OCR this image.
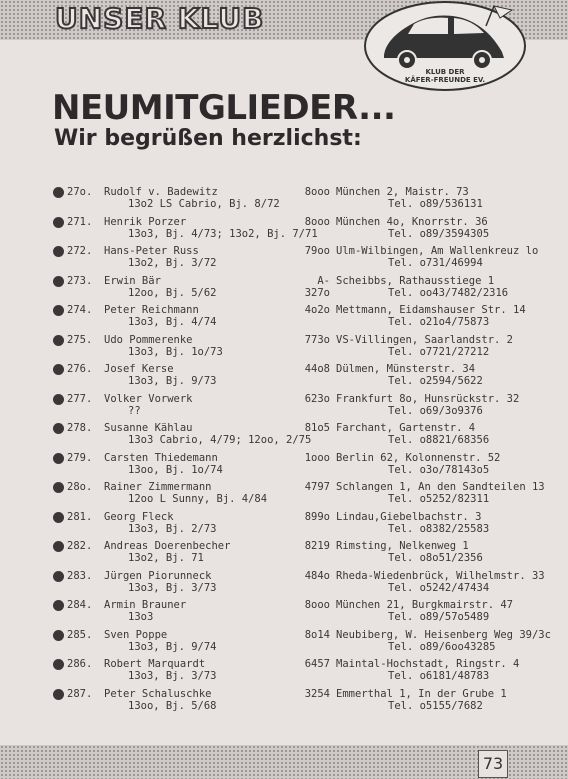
UNSER KLUB
KLUB DER
KÄFER-FREUNDE EV.
NEUMITGLIEDER...
Wir begrüßen herzlichst:
27o. Rudolf v. Badewitz
13o2 LS Cabrio, Bj. 8/72
8ooo München 2, Maistr. 73
Tel. o89/536131
271. Henrik Porzer
13o3, Bj. 4/73; 13o2, Bj. 7/71
8ooo München 4o, Knorrstr. 36
Tel. o89/3594305
272. Hans-Peter Russ
13o2, Bj. 3/72
79oo Ulm-Wilbingen, Am Wallenkreuz lo
Tel. o731/46994
273. Erwin Bär
12oo, Bj. 5/62
A-327o
Scheibbs, Rathausstiege 1
Tel. oo43/7482/2316
274. Peter Reichmann
13o3, Bj. 4/74
4o2o Mettmann, Eidamshauser Str. 14
Tel. o21o4/75873
275. Udo Pommerenke
13o3, Bj. 1o/73
773o VS-Villingen, Saarlandstr. 2
Tel. o7721/27212
276. Josef Kerse
13o3, Bj. 9/73
44o8 Dülmen, Münsterstr. 34
Tel. o2594/5622
277. Volker Vorwerk
??
623o Frankfurt 8o, Hunsrückstr. 32
Tel. o69/3o9376
278. Susanne Kählau
13o3 Cabrio, 4/79; 12oo, 2/75
81o5 Farchant, Gartenstr. 4
Tel. o8821/68356
279. Carsten Thiedemann
13oo, Bj. 1o/74
1ooo Berlin 62, Kolonnenstr. 52
Tel. o3o/78143o5
28o. Rainer Zimmermann
12oo L Sunny, Bj. 4/84
4797 Schlangen 1, An den Sandteilen 13
Tel. o5252/82311
281. Georg Fleck
13o3, Bj. 2/73
899o Lindau,Giebelbachstr. 3
Tel. o8382/25583
282. Andreas Doerenbecher
13o2, Bj. 71
8219 Rimsting, Nelkenweg 1
Tel. o8o51/2356
283. Jürgen Piorunneck
13o3, Bj. 3/73
484o Rheda-Wiedenbrück, Wilhelmstr. 33
Tel. o5242/47434
284. Armin Brauner
13o3
8ooo München 21, Burgkmairstr. 47
Tel. o89/57o5489
285. Sven Poppe
13o3, Bj. 9/74
8o14 Neubiberg, W. Heisenberg Weg 39/3c
Tel. o89/6oo43285
286. Robert Marquardt
13o3, Bj. 3/73
6457 Maintal-Hochstadt, Ringstr. 4
Tel. o6181/48783
287. Peter Schaluschke
13oo, Bj. 5/68
3254 Emmerthal 1, In der Grube 1
Tel. o5155/7682
73
